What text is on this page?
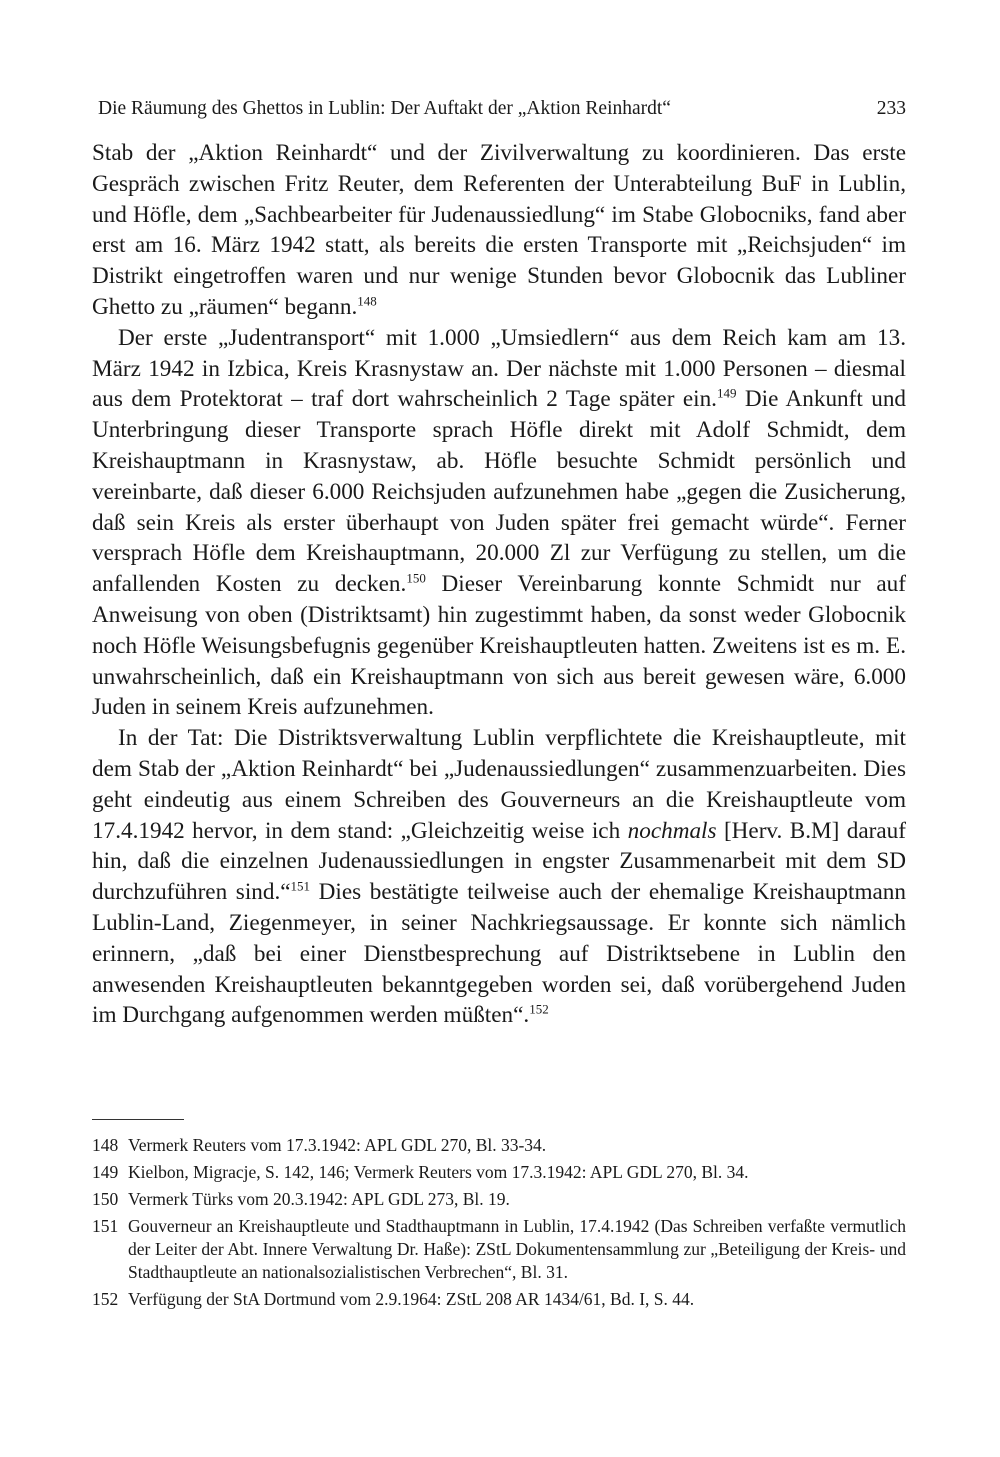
Die Räumung des Ghettos in Lublin: Der Auftakt der „Aktion Reinhardt“	233

Stab der „Aktion Reinhardt“ und der Zivilverwaltung zu koordinieren. Das erste Gespräch zwischen Fritz Reuter, dem Referenten der Unterabteilung BuF in Lublin, und Höfle, dem „Sachbearbeiter für Judenaussiedlung“ im Stabe Globocniks, fand aber erst am 16. März 1942 statt, als bereits die ersten Transporte mit „Reichsjuden“ im Distrikt eingetroffen waren und nur wenige Stunden bevor Globocnik das Lubliner Ghetto zu „räumen“ begann.$^{148}$

Der erste „Judentransport“ mit 1.000 „Umsiedlern“ aus dem Reich kam am 13. März 1942 in Izbica, Kreis Krasnystaw an. Der nächste mit 1.000 Personen – diesmal aus dem Protektorat – traf dort wahrscheinlich 2 Tage später ein.$^{149}$ Die Ankunft und Unterbringung dieser Transporte sprach Höfle direkt mit Adolf Schmidt, dem Kreishauptmann in Krasnystaw, ab. Höfle besuchte Schmidt persönlich und vereinbarte, daß dieser 6.000 Reichsjuden aufzunehmen habe „gegen die Zusicherung, daß sein Kreis als erster überhaupt von Juden später frei gemacht würde“. Ferner versprach Höfle dem Kreishauptmann, 20.000 Zl zur Verfügung zu stellen, um die anfallenden Kosten zu decken.$^{150}$ Dieser Vereinbarung konnte Schmidt nur auf Anweisung von oben (Distriktsamt) hin zugestimmt haben, da sonst weder Globocnik noch Höfle Weisungsbefugnis gegenüber Kreishauptleuten hatten. Zweitens ist es m. E. unwahrscheinlich, daß ein Kreishauptmann von sich aus bereit gewesen wäre, 6.000 Juden in seinem Kreis aufzunehmen.

In der Tat: Die Distriktsverwaltung Lublin verpflichtete die Kreishauptleute, mit dem Stab der „Aktion Reinhardt“ bei „Judenaussiedlungen“ zusammenzuarbeiten. Dies geht eindeutig aus einem Schreiben des Gouverneurs an die Kreishauptleute vom 17.4.1942 hervor, in dem stand: „Gleichzeitig weise ich nochmals [Herv. B.M] darauf hin, daß die einzelnen Judenaussiedlungen in engster Zusammenarbeit mit dem SD durchzuführen sind.“$^{151}$ Dies bestätigte teilweise auch der ehemalige Kreishauptmann Lublin-Land, Ziegenmeyer, in seiner Nachkriegsaussage. Er konnte sich nämlich erinnern, „daß bei einer Dienstbesprechung auf Distriktsebene in Lublin den anwesenden Kreishauptleuten bekanntgegeben worden sei, daß vorübergehend Juden im Durchgang aufgenommen werden müßten“.$^{152}$

148 Vermerk Reuters vom 17.3.1942: APL GDL 270, Bl. 33-34.
149 Kielbon, Migracje, S. 142, 146; Vermerk Reuters vom 17.3.1942: APL GDL 270, Bl. 34.
150 Vermerk Türks vom 20.3.1942: APL GDL 273, Bl. 19.
151 Gouverneur an Kreishauptleute und Stadthauptmann in Lublin, 17.4.1942 (Das Schreiben verfaßte vermutlich der Leiter der Abt. Innere Verwaltung Dr. Haße): ZStL Dokumentensammlung zur „Beteiligung der Kreis- und Stadthauptleute an nationalsozialistischen Verbrechen“, Bl. 31.
152 Verfügung der StA Dortmund vom 2.9.1964: ZStL 208 AR 1434/61, Bd. I, S. 44.
